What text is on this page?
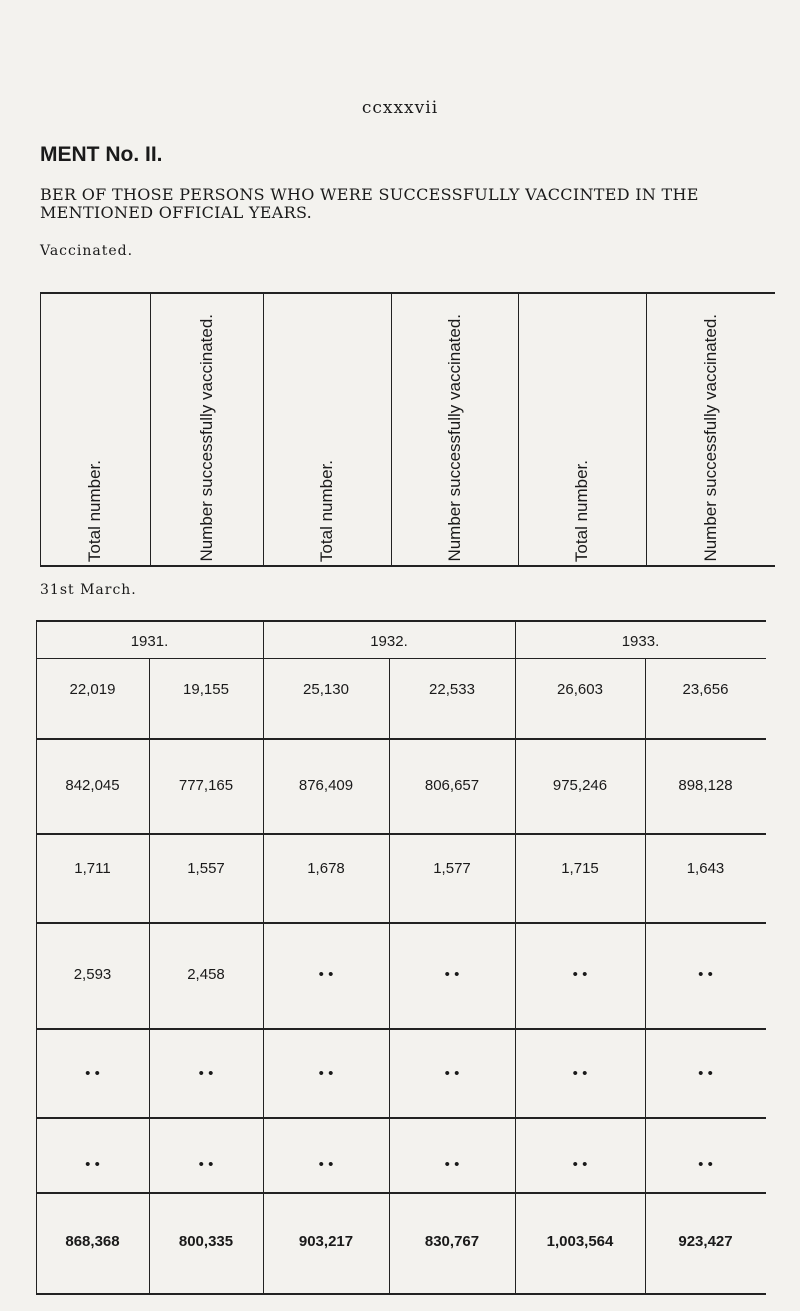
ccxxxvii
MENT No. II.
BER OF THOSE PERSONS WHO WERE SUCCESSFULLY VACCINTED IN THE MENTIONED OFFICIAL YEARS.
Vaccinated.
Total number.	Number successfully vaccinated.	Total number.	Number successfully vaccinated.	Total number.	Number successfully vaccinated.
31st March.
1931.	1932.	1933.
22,019	19,155	25,130	22,533	26,603	23,656
842,045	777,165	876,409	806,657	975,246	898,128
1,711	1,557	1,678	1,577	1,715	1,643
2,593	2,458	• •	• •	• •	• •
• •	• •	• •	• •	• •	• •
• •	• •	• •	• •	• •	• •
868,368	800,335	903,217	830,767	1,003,564	923,427
